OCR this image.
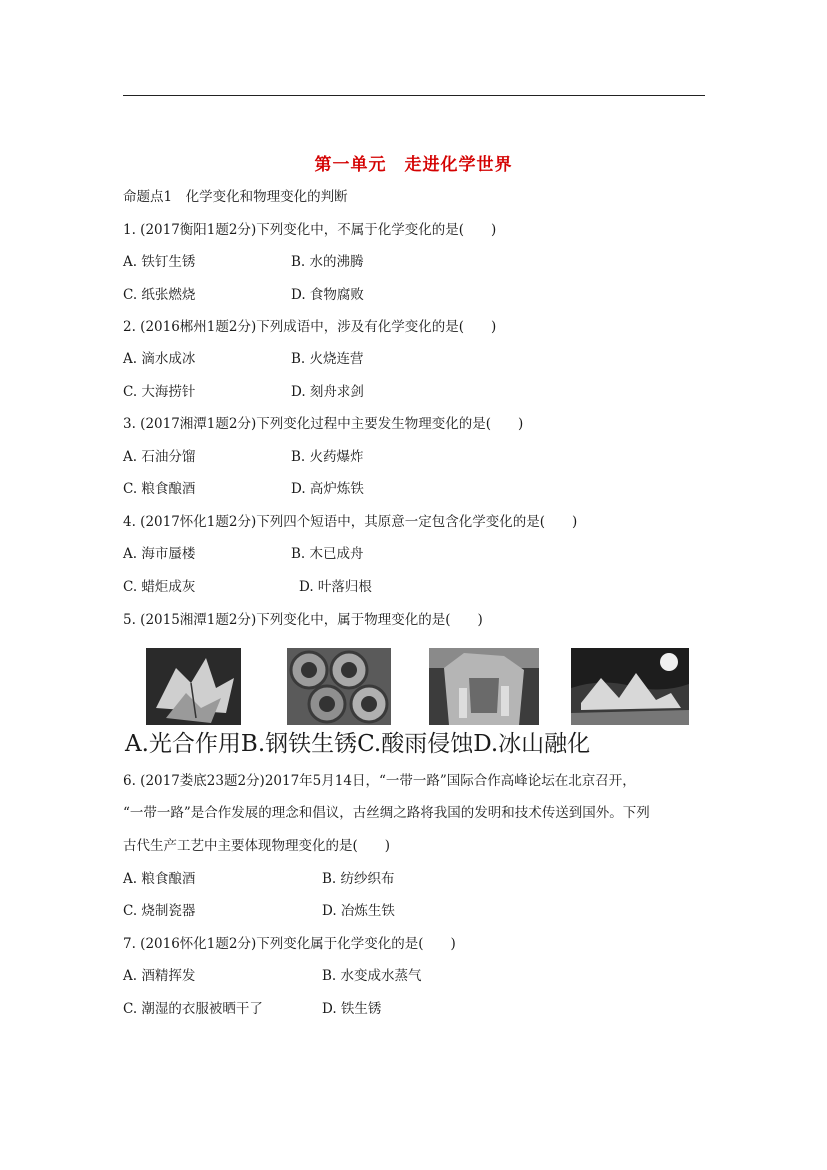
第一单元　走进化学世界
命题点1　化学变化和物理变化的判断
1. (2017衡阳1题2分)下列变化中，不属于化学变化的是(　　)
A. 铁钉生锈	B. 水的沸腾
C. 纸张燃烧	D. 食物腐败
2. (2016郴州1题2分)下列成语中，涉及有化学变化的是(　　)
A. 滴水成冰	B. 火烧连营
C. 大海捞针	D. 刻舟求剑
3. (2017湘潭1题2分)下列变化过程中主要发生物理变化的是(　　)
A. 石油分馏	B. 火药爆炸
C. 粮食酿酒	D. 高炉炼铁
4. (2017怀化1题2分)下列四个短语中，其原意一定包含化学变化的是(　　)
A. 海市蜃楼	B. 木已成舟
C. 蜡炬成灰	D. 叶落归根
5. (2015湘潭1题2分)下列变化中，属于物理变化的是(　　)
A.光合作用B.钢铁生锈C.酸雨侵蚀D.冰山融化
6. (2017娄底23题2分)2017年5月14日，“一带一路”国际合作高峰论坛在北京召开，
“一带一路”是合作发展的理念和倡议，古丝绸之路将我国的发明和技术传送到国外。下列
古代生产工艺中主要体现物理变化的是(　　)
A. 粮食酿酒	B. 纺纱织布
C. 烧制瓷器	D. 冶炼生铁
7. (2016怀化1题2分)下列变化属于化学变化的是(　　)
A. 酒精挥发	B. 水变成水蒸气
C. 潮湿的衣服被晒干了	D. 铁生锈
